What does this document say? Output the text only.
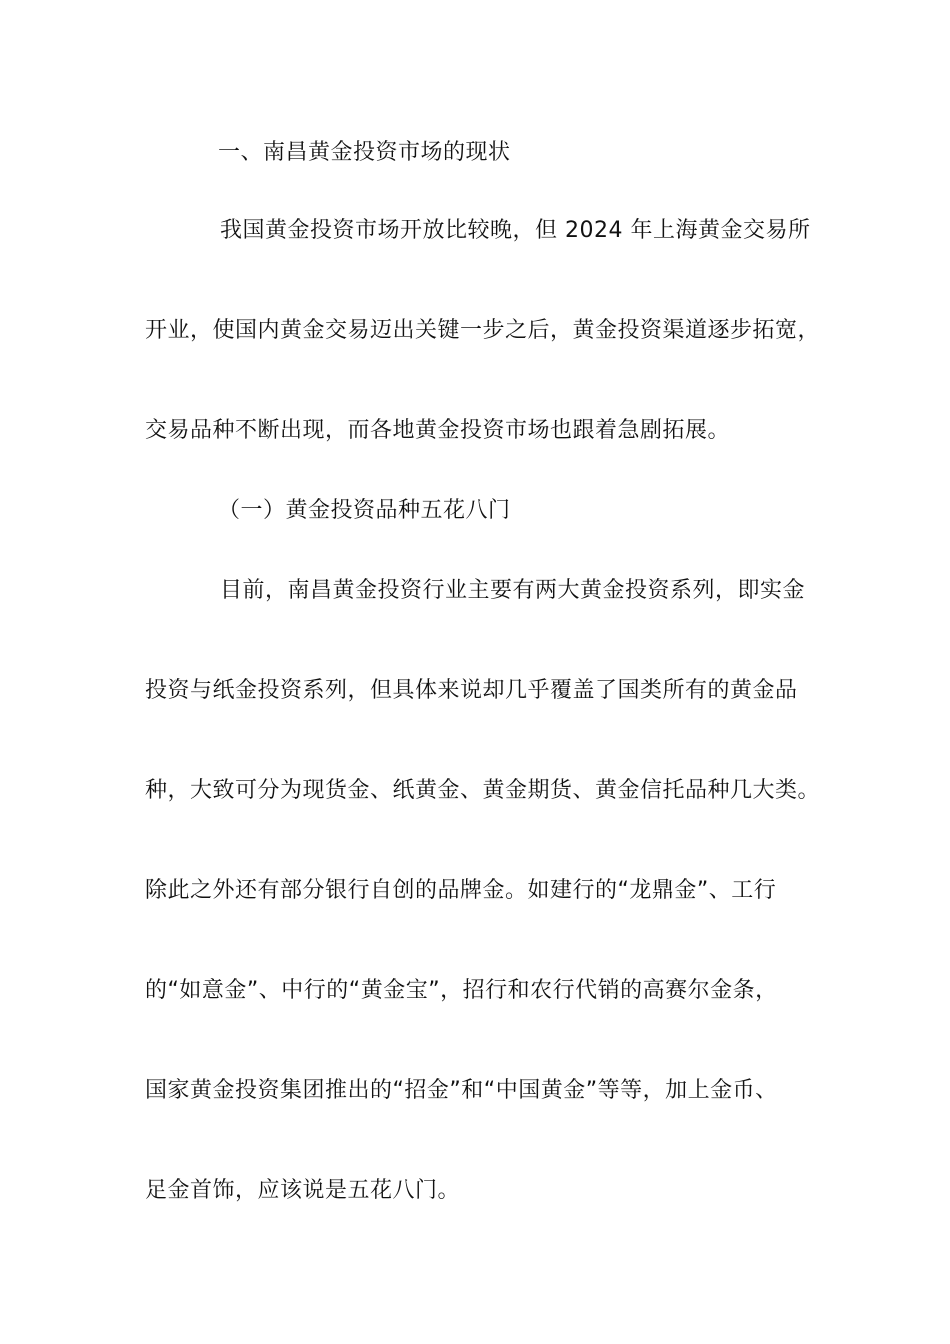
一、南昌黄金投资市场的现状

我国黄金投资市场开放比较晚，但 2024 年上海黄金交易所

开业，使国内黄金交易迈出关键一步之后，黄金投资渠道逐步拓宽，

交易品种不断出现，而各地黄金投资市场也跟着急剧拓展。

（一）黄金投资品种五花八门

目前，南昌黄金投资行业主要有两大黄金投资系列，即实金

投资与纸金投资系列，但具体来说却几乎覆盖了国类所有的黄金品

种，大致可分为现货金、纸黄金、黄金期货、黄金信托品种几大类。

除此之外还有部分银行自创的品牌金。如建行的“龙鼎金”、工行

的“如意金”、中行的“黄金宝”，招行和农行代销的高赛尔金条，

国家黄金投资集团推出的“招金”和“中国黄金”等等，加上金币、

足金首饰，应该说是五花八门。
